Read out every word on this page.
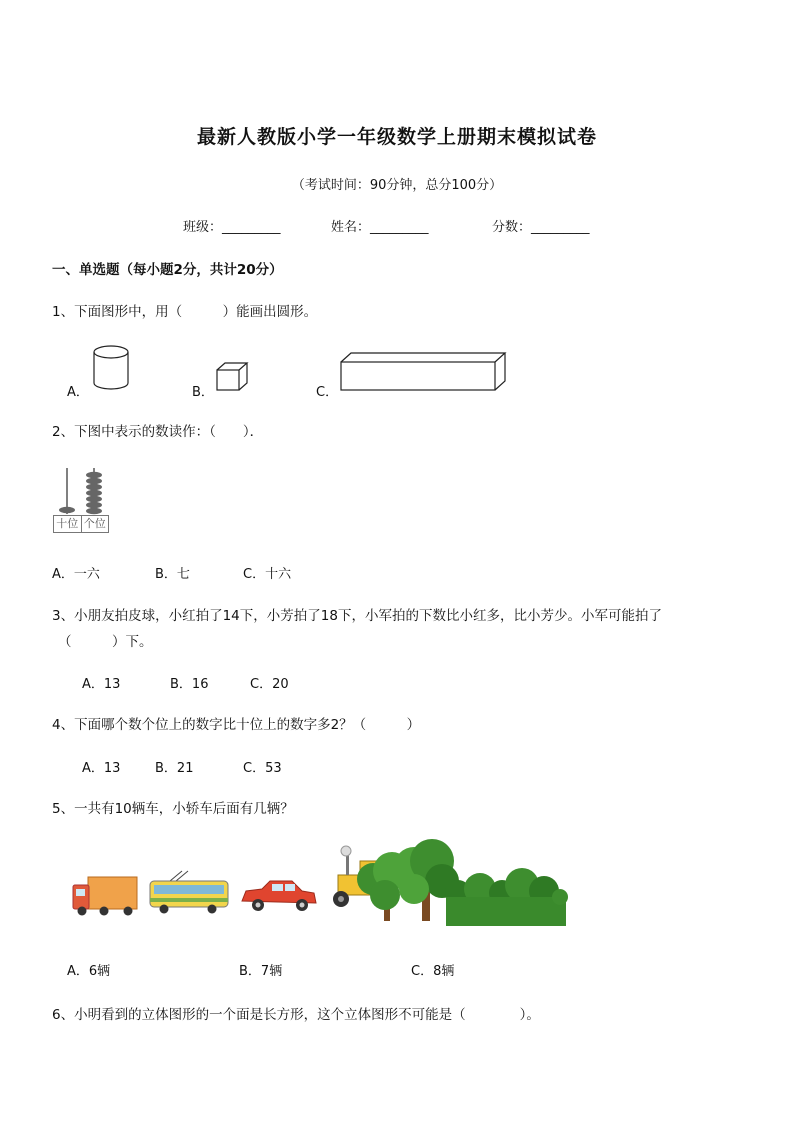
最新人教版小学一年级数学上册期末模拟试卷
（考试时间：90分钟，总分100分）
班级：_________	姓名：_________	分数：_________
一、单选题（每小题2分，共计20分）
1、下面图形中，用（　　　）能画出圆形。
A．	B．	C．
2、下图中表示的数读作：（　　）．
十位 个位
A．一六	B．七	C．十六
3、小朋友拍皮球，小红拍了14下，小芳拍了18下，小军拍的下数比小红多，比小芳少。小军可能拍了
（　　　）下。
A．13	B．16	C．20
4、下面哪个数个位上的数字比十位上的数字多2？（　　　）
A．13	B．21	C．53
5、一共有10辆车，小轿车后面有几辆？
A．6辆	B．7辆	C．8辆
6、小明看到的立体图形的一个面是长方形，这个立体图形不可能是（　　　　）。
